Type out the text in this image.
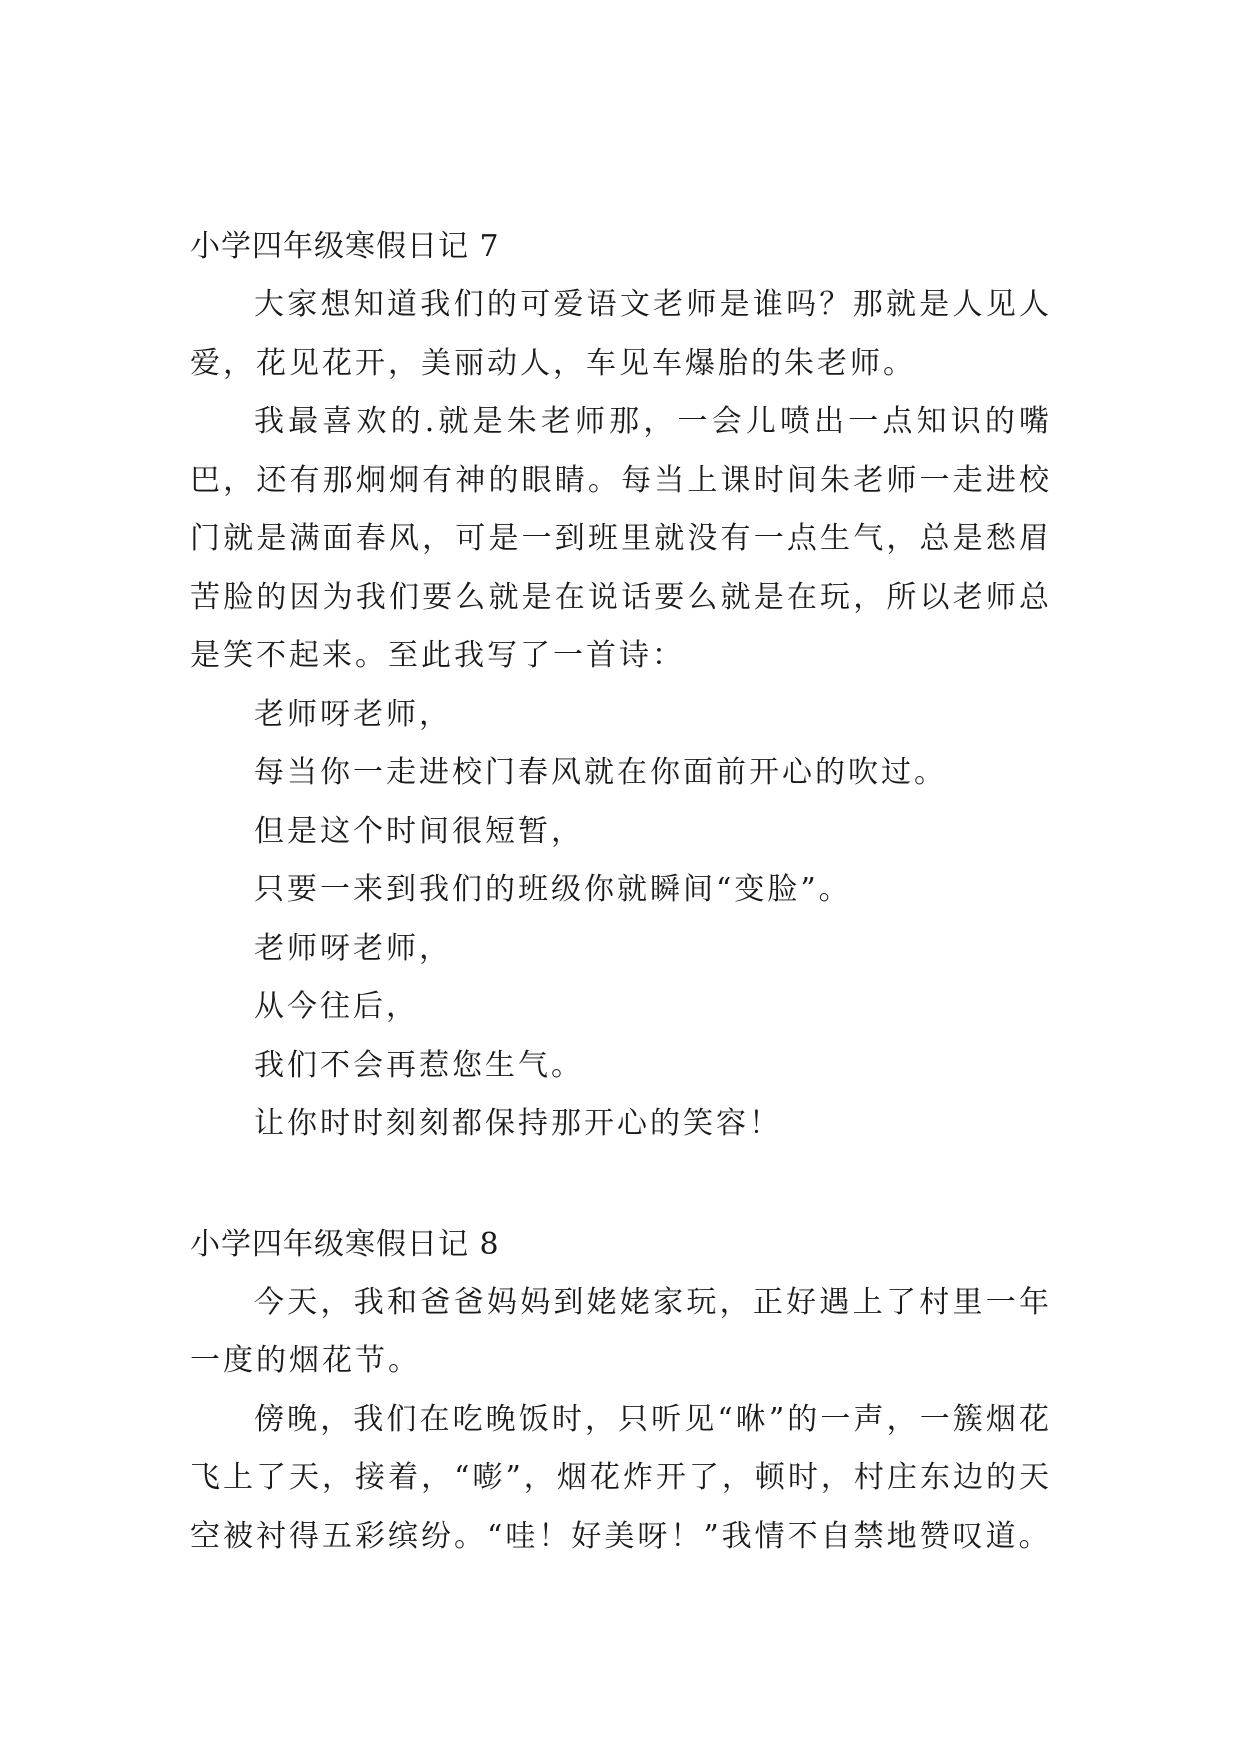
小学四年级寒假日记 7

大家想知道我们的可爱语文老师是谁吗？那就是人见人爱，花见花开，美丽动人，车见车爆胎的朱老师。

我最喜欢的.就是朱老师那，一会儿喷出一点知识的嘴巴，还有那炯炯有神的眼睛。每当上课时间朱老师一走进校门就是满面春风，可是一到班里就没有一点生气，总是愁眉苦脸的因为我们要么就是在说话要么就是在玩，所以老师总是笑不起来。至此我写了一首诗：

老师呀老师，

每当你一走进校门春风就在你面前开心的吹过。

但是这个时间很短暂，

只要一来到我们的班级你就瞬间“变脸”。

老师呀老师，

从今往后，

我们不会再惹您生气。

让你时时刻刻都保持那开心的笑容！

小学四年级寒假日记 8

今天，我和爸爸妈妈到姥姥家玩，正好遇上了村里一年一度的烟花节。

傍晚，我们在吃晚饭时，只听见“咻”的一声，一簇烟花飞上了天，接着，“嘭”，烟花炸开了，顿时，村庄东边的天空被衬得五彩缤纷。“哇！好美呀！”我情不自禁地赞叹道。
